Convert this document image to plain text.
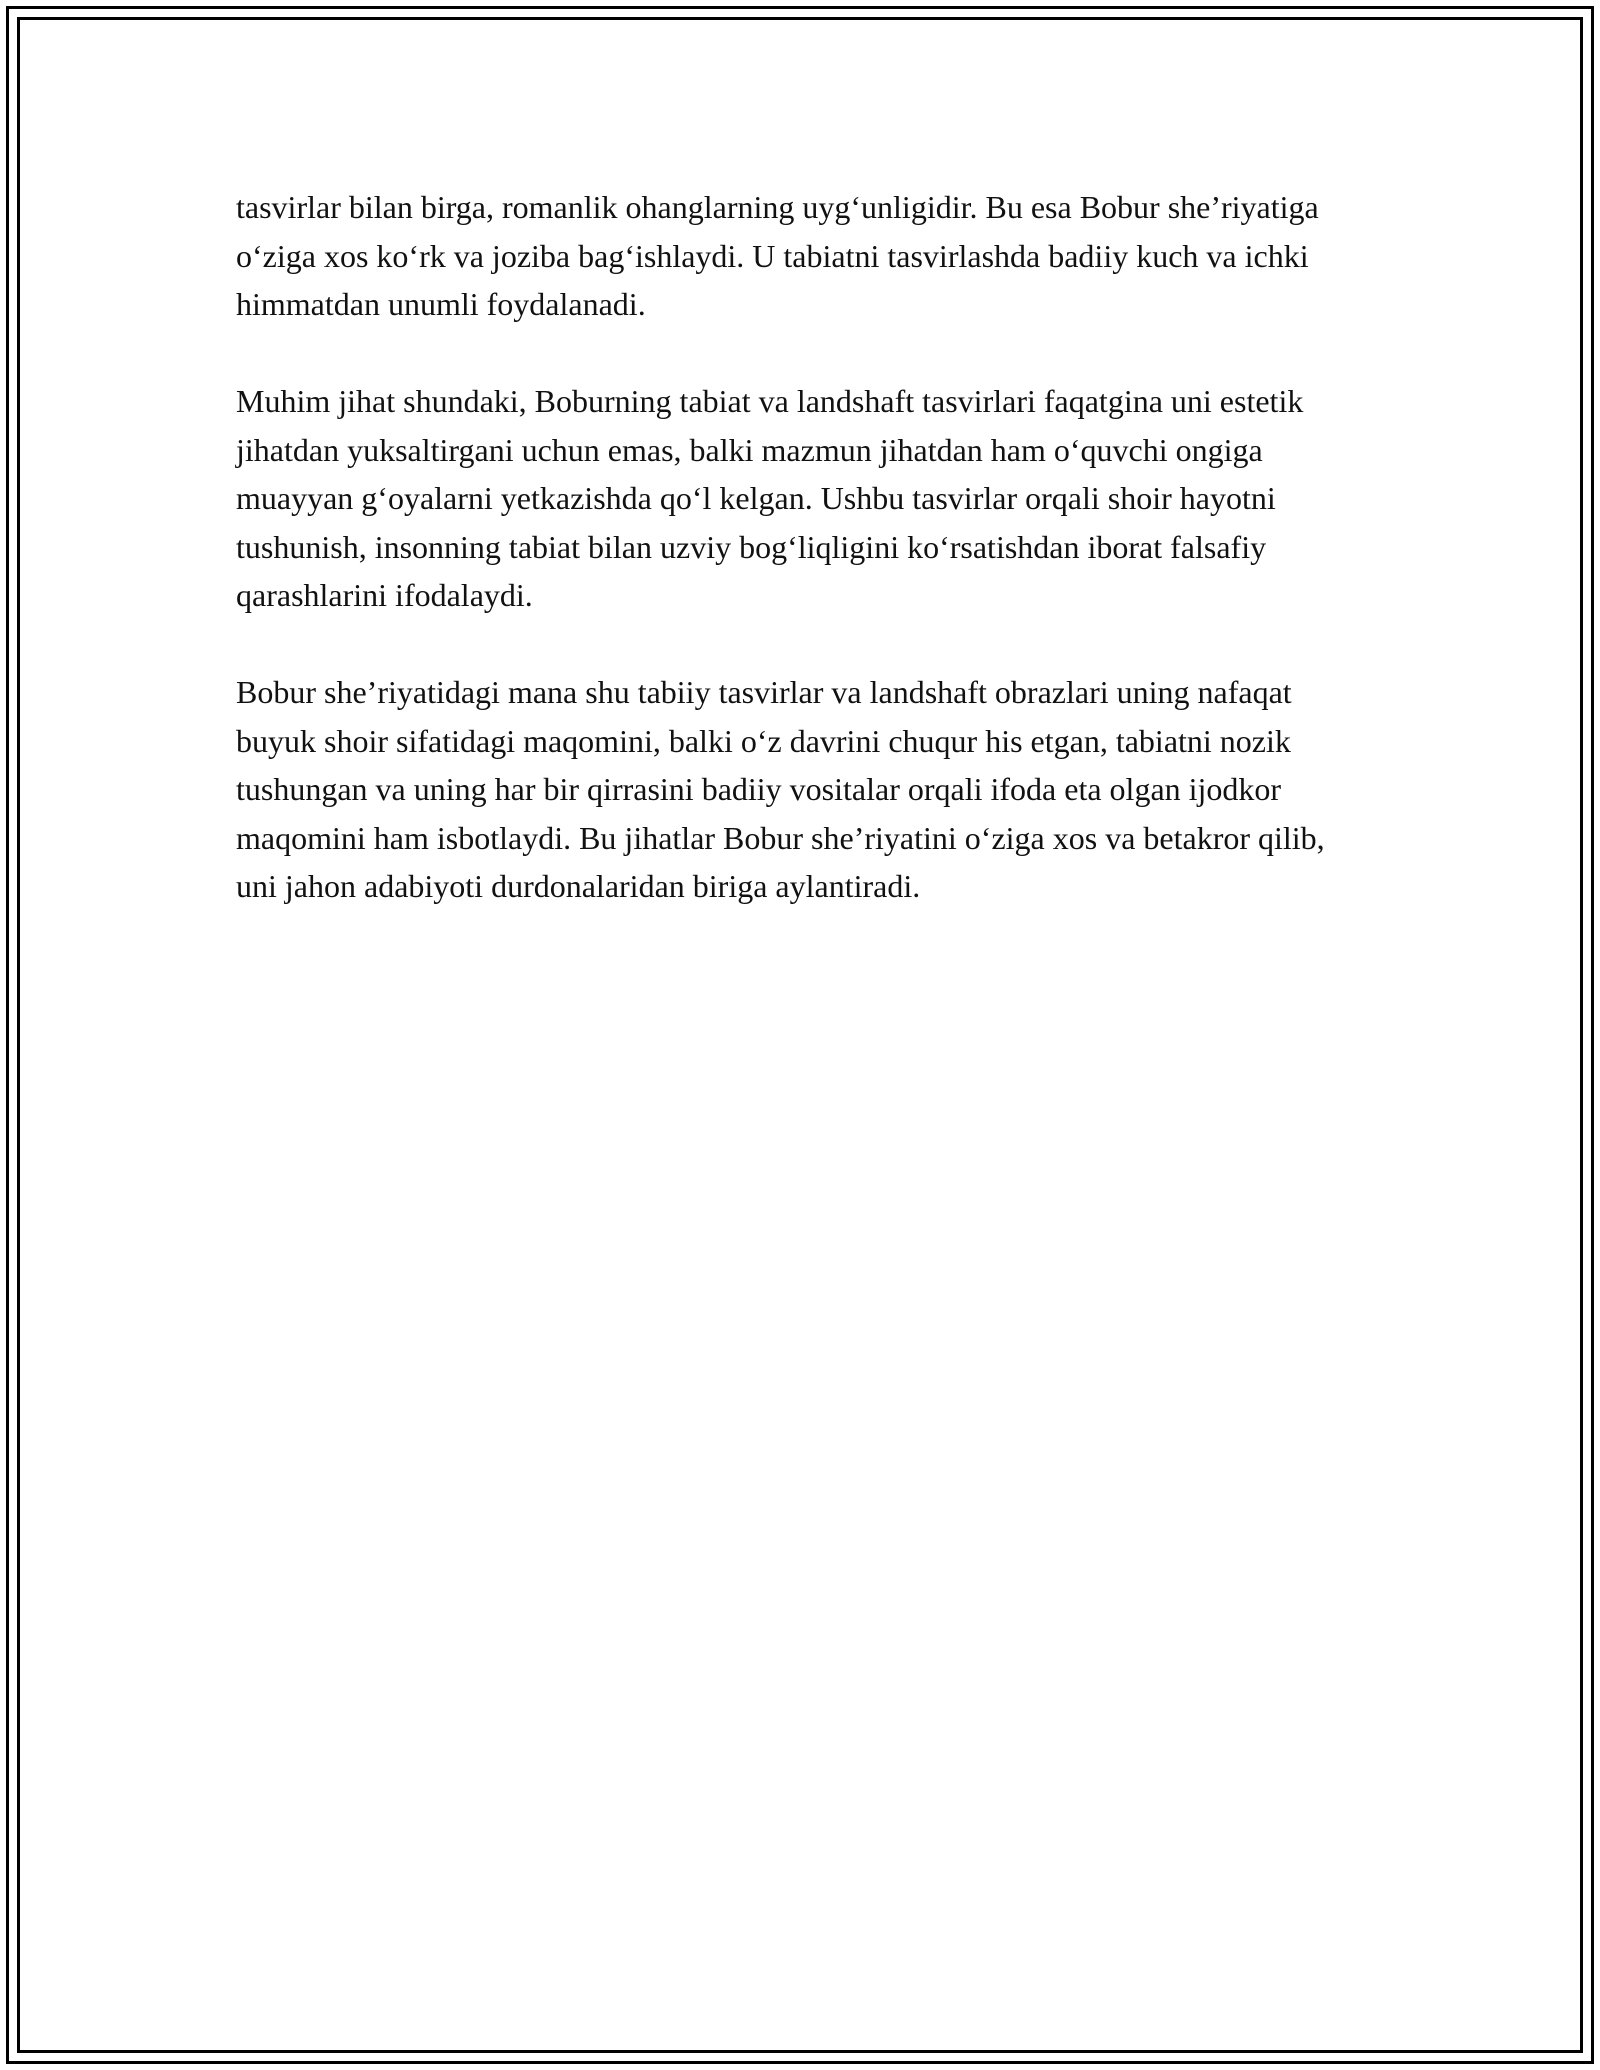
tasvirlar bilan birga, romanlik ohanglarning uyg‘unligidir. Bu esa Bobur she’riyatiga o‘ziga xos ko‘rk va joziba bag‘ishlaydi. U tabiatni tasvirlashda badiiy kuch va ichki himmatdan unumli foydalanadi.

Muhim jihat shundaki, Boburning tabiat va landshaft tasvirlari faqatgina uni estetik jihatdan yuksaltirgani uchun emas, balki mazmun jihatdan ham o‘quvchi ongiga muayyan g‘oyalarni yetkazishda qo‘l kelgan. Ushbu tasvirlar orqali shoir hayotni tushunish, insonning tabiat bilan uzviy bog‘liqligini ko‘rsatishdan iborat falsafiy qarashlarini ifodalaydi.

Bobur she’riyatidagi mana shu tabiiy tasvirlar va landshaft obrazlari uning nafaqat buyuk shoir sifatidagi maqomini, balki o‘z davrini chuqur his etgan, tabiatni nozik tushungan va uning har bir qirrasini badiiy vositalar orqali ifoda eta olgan ijodkor maqomini ham isbotlaydi. Bu jihatlar Bobur she’riyatini o‘ziga xos va betakror qilib, uni jahon adabiyoti durdonalaridan biriga aylantiradi.
